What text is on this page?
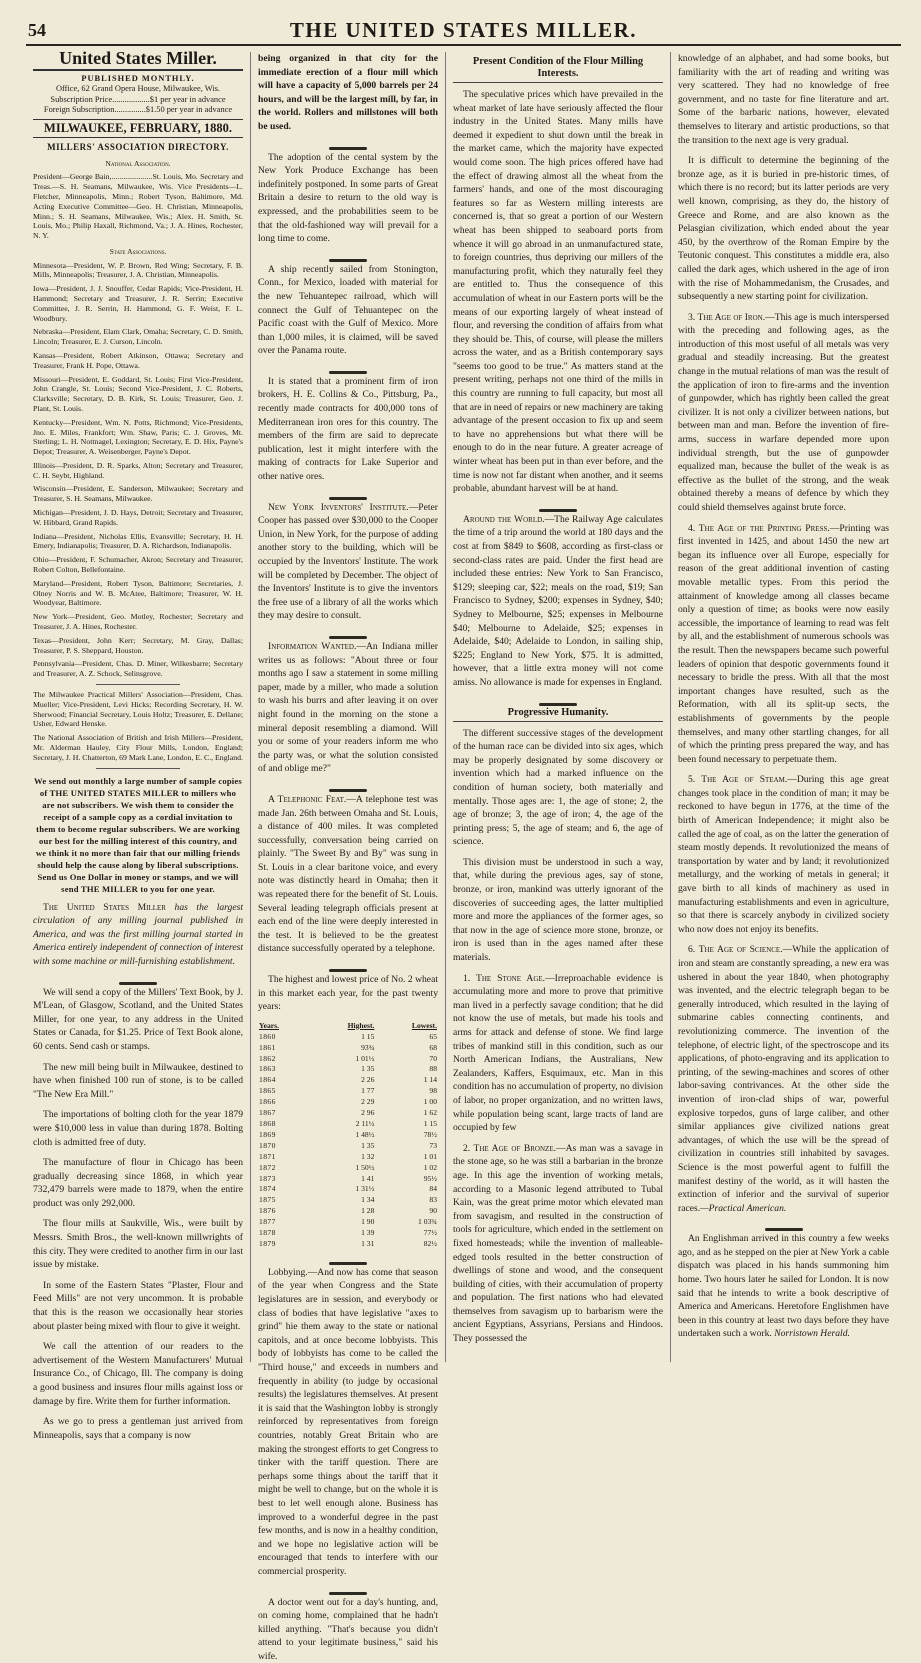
54	THE UNITED STATES MILLER.
United States Miller.

PUBLISHED MONTHLY.

Office, 62 Grand Opera House, Milwaukee, Wis.

Subscription Price..................$1 per year in advance

Foreign Subscription...............$1.50 per year in advance

MILWAUKEE, FEBRUARY, 1880.
MILLERS' ASSOCIATION DIRECTORY.
National Association.

President—George Bain,.....................St. Louis, Mo. Secretary and Treas.—S. H. Seamans, Milwaukee, Wis. Vice Presidents—L. Fletcher, Minneapolis, Minn.; Robert Tyson, Baltimore, Md. Acting Executive Committee—Geo. H. Christian, Minneapolis, Minn.; S. H. Seamans, Milwaukee, Wis.; Alex. H. Smith, St. Louis, Mo.; Philip Haxall, Richmond, Va.; J. A. Hines, Rochester, N. Y.

State Associations.

Minnesota—President, W. P. Brown, Red Wing; Secretary, F. B. Mills, Minneapolis; Treasurer, J. A. Christian, Minneapolis.

Iowa—President, J. J. Snouffer, Cedar Rapids; Vice-President, H. Hammond; Secretary and Treasurer, J. R. Serrin; Executive Committee, J. R. Serrin, H. Hammond, G. F. Weist, F. L. Woodbury.

Nebraska—President, Elam Clark, Omaha; Secretary, C. D. Smith, Lincoln; Treasurer, E. J. Curson, Lincoln.

Kansas—President, Robert Atkinson, Ottawa; Secretary and Treasurer, Frank H. Pope, Ottawa.

Missouri—President, E. Goddard, St. Louis; First Vice-President, John Crangle, St. Louis; Second Vice-President, J. C. Roberts, Clarksville; Secretary, D. B. Kirk, St. Louis; Treasurer, Geo. J. Plant, St. Louis.

Kentucky—President, Wm. N. Potts, Richmond; Vice-Presidents, Jno. E. Miles, Frankfort; Wm. Shaw, Paris; C. J. Groves, Mt. Sterling; L. H. Nottnagel, Lexington; Secretary, E. D. Hix, Payne's Depot; Treasurer, A. Weisenberger, Payne's Depot.

Illinois—President, D. R. Sparks, Alton; Secretary and Treasurer, C. H. Seybt, Highland.

Wisconsin—President, E. Sanderson, Milwaukee; Secretary and Treasurer, S. H. Seamans, Milwaukee.

Michigan—President, J. D. Hays, Detroit; Secretary and Treasurer, W. Hibbard, Grand Rapids.

Indiana—President, Nicholas Ellis, Evansville; Secretary, H. H. Emery, Indianapolis; Treasurer, D. A. Richardson, Indianapolis.

Ohio—President, F. Schumacher, Akron; Secretary and Treasurer, Robert Colton, Bellefontaine.

Maryland—President, Robert Tyson, Baltimore; Secretaries, J. Olney Norris and W. B. McAtee, Baltimore; Treasurer, W. H. Woodyear, Baltimore.

New York—President, Geo. Motley, Rochester; Secretary and Treasurer, J. A. Hines, Rochester.

Texas—President, John Kerr; Secretary, M. Gray, Dallas; Treasurer, P. S. Sheppard, Houston.

Pennsylvania—President, Chas. D. Miner, Wilkesbarre; Secretary and Treasurer, A. Z. Schock, Selinsgrove.

The Milwaukee Practical Millers' Association—President, Chas. Mueller; Vice-President, Levi Hicks; Recording Secretary, H. W. Sherwood; Financial Secretary, Louis Holtz; Treasurer, E. Dellane; Usher, Edward Henske.

The National Association of British and Irish Millers—President, Mr. Alderman Hauley, City Flour Mills, London, England; Secretary, J. H. Chatterton, 69 Mark Lane, London, E. C., England.

We send out monthly a large number of sample copies of THE UNITED STATES MILLER to millers who are not subscribers. We wish them to consider the receipt of a sample copy as a cordial invitation to them to become regular subscribers. We are working our best for the milling interest of this country, and we think it no more than fair that our milling friends should help the cause along by liberal subscriptions. Send us One Dollar in money or stamps, and we will send THE MILLER to you for one year.

The United States Miller has the largest circulation of any milling journal published in America, and was the first milling journal started in America entirely independent of connection of interest with some machine or mill-furnishing establishment.

We will send a copy of the Millers' Text Book, by J. M'Lean, of Glasgow, Scotland, and the United States Miller, for one year, to any address in the United States or Canada, for $1.25. Price of Text Book alone, 60 cents. Send cash or stamps.

The new mill being built in Milwaukee, destined to have when finished 100 run of stone, is to be called "The New Era Mill."

The importations of bolting cloth for the year 1879 were $10,000 less in value than during 1878. Bolting cloth is admitted free of duty.

The manufacture of flour in Chicago has been gradually decreasing since 1868, in which year 732,479 barrels were made to 1879, when the entire product was only 292,000.

The flour mills at Saukville, Wis., were built by Messrs. Smith Bros., the well-known millwrights of this city. They were credited to another firm in our last issue by mistake.

In some of the Eastern States "Plaster, Flour and Feed Mills" are not very uncommon. It is probable that this is the reason we occasionally hear stories about plaster being mixed with flour to give it weight.

We call the attention of our readers to the advertisement of the Western Manufacturers' Mutual Insurance Co., of Chicago, Ill. The company is doing a good business and insures flour mills against loss or damage by fire. Write them for further information.

As we go to press a gentleman just arrived from Minneapolis, says that a company is now

being organized in that city for the immediate erection of a flour mill which will have a capacity of 5,000 barrels per 24 hours, and will be the largest mill, by far, in the world. Rollers and millstones will both be used.

The adoption of the cental system by the New York Produce Exchange has been indefinitely postponed. In some parts of Great Britain a desire to return to the old way is expressed, and the probabilities seem to be that the old-fashioned way will prevail for a long time to come.

A ship recently sailed from Stonington, Conn., for Mexico, loaded with material for the new Tehuantepec railroad, which will connect the Gulf of Tehuantepec on the Pacific coast with the Gulf of Mexico. More than 1,000 miles, it is claimed, will be saved over the Panama route.

It is stated that a prominent firm of iron brokers, H. E. Collins & Co., Pittsburg, Pa., recently made contracts for 400,000 tons of Mediterranean iron ores for this country. The members of the firm are said to deprecate publication, lest it might interfere with the making of contracts for Lake Superior and other native ores.

New York Inventors' Institute.—Peter Cooper has passed over $30,000 to the Cooper Union, in New York, for the purpose of adding another story to the building, which will be occupied by the Inventors' Institute. The work will be completed by December. The object of the Inventors' Institute is to give the inventors the free use of a library of all the works which they may desire to consult.

Information Wanted.—An Indiana miller writes us as follows: "About three or four months ago I saw a statement in some milling paper, made by a miller, who made a solution to wash his burrs and after leaving it on over night found in the morning on the stone a mineral deposit resembling a diamond. Will you or some of your readers inform me who the party was, or what the solution consisted of and oblige me?"

A Telephonic Feat.—A telephone test was made Jan. 26th between Omaha and St. Louis, a distance of 400 miles. It was completed successfully, conversation being carried on plainly. "The Sweet By and By" was sung in St. Louis in a clear baritone voice, and every note was distinctly heard in Omaha; then it was repeated there for the benefit of St. Louis. Several leading telegraph officials present at each end of the line were deeply interested in the test. It is believed to be the greatest distance successfully operated by a telephone.

The highest and lowest price of No. 2 wheat in this market each year, for the past twenty years:

Years.	Highest.	Lowest.
1860	1 15	65
1861	93¾	68
1862	1 01½	70
1863	1 35	88
1864	2 26	1 14
1865	1 77	98
1866	2 29	1 00
1867	2 96	1 62
1868	2 11½	1 15
1869	1 48½	78½
1870	1 35	73
1871	1 32	1 01
1872	1 50½	1 02
1873	1 41	95½
1874	1 31½	84
1875	1 34	83
1876	1 28	90
1877	1 90	1 03¾
1878	1 39	77½
1879	1 31	82½

Lobbying.—And now has come that season of the year when Congress and the State legislatures are in session, and everybody or class of bodies that have legislative "axes to grind" hie them away to the state or national capitols, and at once become lobbyists. This body of lobbyists has come to be called the "Third house," and exceeds in numbers and frequently in ability (to judge by occasional results) the legislatures themselves. At present it is said that the Washington lobby is strongly reinforced by representatives from foreign countries, notably Great Britain who are making the strongest efforts to get Congress to tinker with the tariff question. There are perhaps some things about the tariff that it might be well to change, but on the whole it is best to let well enough alone. Business has improved to a wonderful degree in the past few months, and is now in a healthy condition, and we hope no legislative action will be encouraged that tends to interfere with our commercial prosperity.

A doctor went out for a day's hunting, and, on coming home, complained that he hadn't killed anything. "That's because you didn't attend to your legitimate business," said his wife.

Present Condition of the Flour Milling Interests.

The speculative prices which have prevailed in the wheat market of late have seriously affected the flour industry in the United States. Many mills have deemed it expedient to shut down until the break in the market came, which the majority have expected would come soon. The high prices offered have had the effect of drawing almost all the wheat from the farmers' hands, and one of the most discouraging features so far as Western milling interests are concerned is, that so great a portion of our Western wheat has been shipped to seaboard ports from whence it will go abroad in an unmanufactured state, to foreign countries, thus depriving our millers of the manufacturing profit, which they naturally feel they are entitled to. Thus the consequence of this accumulation of wheat in our Eastern ports will be the means of our exporting largely of wheat instead of flour, and reversing the condition of affairs from what they should be. This, of course, will please the millers across the water, and as a British contemporary says "seems too good to be true." As matters stand at the present writing, perhaps not one third of the mills in this country are running to full capacity, but most all that are in need of repairs or new machinery are taking advantage of the present occasion to fix up and seem to have no apprehensions but what there will be enough to do in the near future. A greater acreage of winter wheat has been put in than ever before, and the time is now not far distant when another, and it seems probable, abundant harvest will be at hand.

Around the World.—The Railway Age calculates the time of a trip around the world at 180 days and the cost at from $849 to $608, according as first-class or second-class rates are paid. Under the first head are included these entries: New York to San Francisco, $129; sleeping car, $22; meals on the road, $19; San Francisco to Sydney, $200; expenses in Sydney, $40; Sydney to Melbourne, $25; expenses in Melbourne $40; Melbourne to Adelaide, $25; expenses in Adelaide, $40; Adelaide to London, in sailing ship, $225; England to New York, $75. It is admitted, however, that a little extra money will not come amiss. No allowance is made for expenses in England.

Progressive Humanity.

The different successive stages of the development of the human race can be divided into six ages, which may be properly designated by some discovery or invention which had a marked influence on the condition of human society, both materially and mentally. Those ages are: 1, the age of stone; 2, the age of bronze; 3, the age of iron; 4, the age of the printing press; 5, the age of steam; and 6, the age of science.

This division must be understood in such a way, that, while during the previous ages, say of stone, bronze, or iron, mankind was utterly ignorant of the discoveries of succeeding ages, the latter multiplied more and more the appliances of the former ages, so that now in the age of science more stone, bronze, or iron is used than in the ages named after these materials.

1. The Stone Age.—Irreproachable evidence is accumulating more and more to prove that primitive man lived in a perfectly savage condition; that he did not know the use of metals, but made his tools and arms for attack and defense of stone. We find large tribes of mankind still in this condition, such as our North American Indians, the Australians, New Zealanders, Kaffers, Esquimaux, etc. Man in this condition has no accumulation of property, no division of labor, no proper organization, and no written laws, while population being scant, large tracts of land are occupied by few

2. The Age of Bronze.—As man was a savage in the stone age, so he was still a barbarian in the bronze age. In this age the invention of working metals, according to a Masonic legend attributed to Tubal Kain, was the great prime motor which elevated man from savagism, and resulted in the construction of tools for agriculture, which ended in the settlement on fixed homesteads; while the invention of malleable-edged tools resulted in the better construction of dwellings of stone and wood, and the consequent building of cities, with their accumulation of property and population. The first nations who had elevated themselves from savagism up to barbarism were the ancient Egyptians, Assyrians, Persians and Hindoos. They possessed the

knowledge of an alphabet, and had some books, but familiarity with the art of reading and writing was very scattered. They had no knowledge of free government, and no taste for fine literature and art. Some of the barbaric nations, however, elevated themselves to literary and artistic productions, so that the transition to the next age is very gradual.

It is difficult to determine the beginning of the bronze age, as it is buried in pre-historic times, of which there is no record; but its latter periods are very well known, comprising, as they do, the history of Greece and Rome, and are also known as the Pelasgian civilization, which ended about the year 450, by the overthrow of the Roman Empire by the Teutonic conquest. This constitutes a middle era, also called the dark ages, which ushered in the age of iron with the rise of Mohammedanism, the Crusades, and subsequently a new starting point for civilization.

3. The Age of Iron.—This age is much interspersed with the preceding and following ages, as the introduction of this most useful of all metals was very gradual and steadily increasing. But the greatest change in the mutual relations of man was the result of the application of iron to fire-arms and the invention of gunpowder, which has rightly been called the great civilizer. It is not only a civilizer between nations, but between man and man. Before the invention of fire-arms, success in warfare depended more upon individual strength, but the use of gunpowder equalized man, because the bullet of the weak is as effective as the bullet of the strong, and the weak obtained thereby a means of defence by which they could shield themselves against brute force.

4. The Age of the Printing Press.—Printing was first invented in 1425, and about 1450 the new art began its influence over all Europe, especially for reason of the great additional invention of casting movable metallic types. From this period the attainment of knowledge among all classes became only a question of time; as books were now easily accessible, the importance of learning to read was felt by all, and the establishment of numerous schools was the result. Then the newspapers became such powerful leaders of opinion that despotic governments found it necessary to bridle the press. With all that the most important changes have resulted, such as the Reformation, with all its split-up sects, the establishments of governments by the people themselves, and many other startling changes, for all of which the printing press prepared the way, and has been found necessary to perpetuate them.

5. The Age of Steam.—During this age great changes took place in the condition of man; it may be reckoned to have begun in 1776, at the time of the birth of American Independence; it might also be called the age of coal, as on the latter the generation of steam mostly depends. It revolutionized the means of transportation by water and by land; it revolutionized metallurgy, and the working of metals in general; it gave birth to all kinds of machinery as used in manufacturing establishments and even in agriculture, so that there is scarcely anybody in civilized society who now does not enjoy its benefits.

6. The Age of Science.—While the application of iron and steam are constantly spreading, a new era was ushered in about the year 1840, when photography was invented, and the electric telegraph began to be generally introduced, which resulted in the laying of submarine cables connecting continents, and revolutionizing commerce. The invention of the telephone, of electric light, of the spectroscope and its applications, of photo-engraving and its application to printing, of the sewing-machines and scores of other labor-saving contrivances. At the other side the invention of iron-clad ships of war, powerful explosive torpedos, guns of large caliber, and other similar appliances give civilized nations great advantages, of which the use will be the spread of civilization in countries still inhabited by savages. Science is the most powerful agent to fulfill the manifest destiny of the world, as it will hasten the extinction of inferior and the survival of superior races.—Practical American.

An Englishman arrived in this country a few weeks ago, and as he stepped on the pier at New York a cable dispatch was placed in his hands summoning him home. Two hours later he sailed for London. It is now said that he intends to write a book descriptive of America and Americans. Heretofore Englishmen have been in this country at least two days before they have undertaken such a work. Norristown Herald.
